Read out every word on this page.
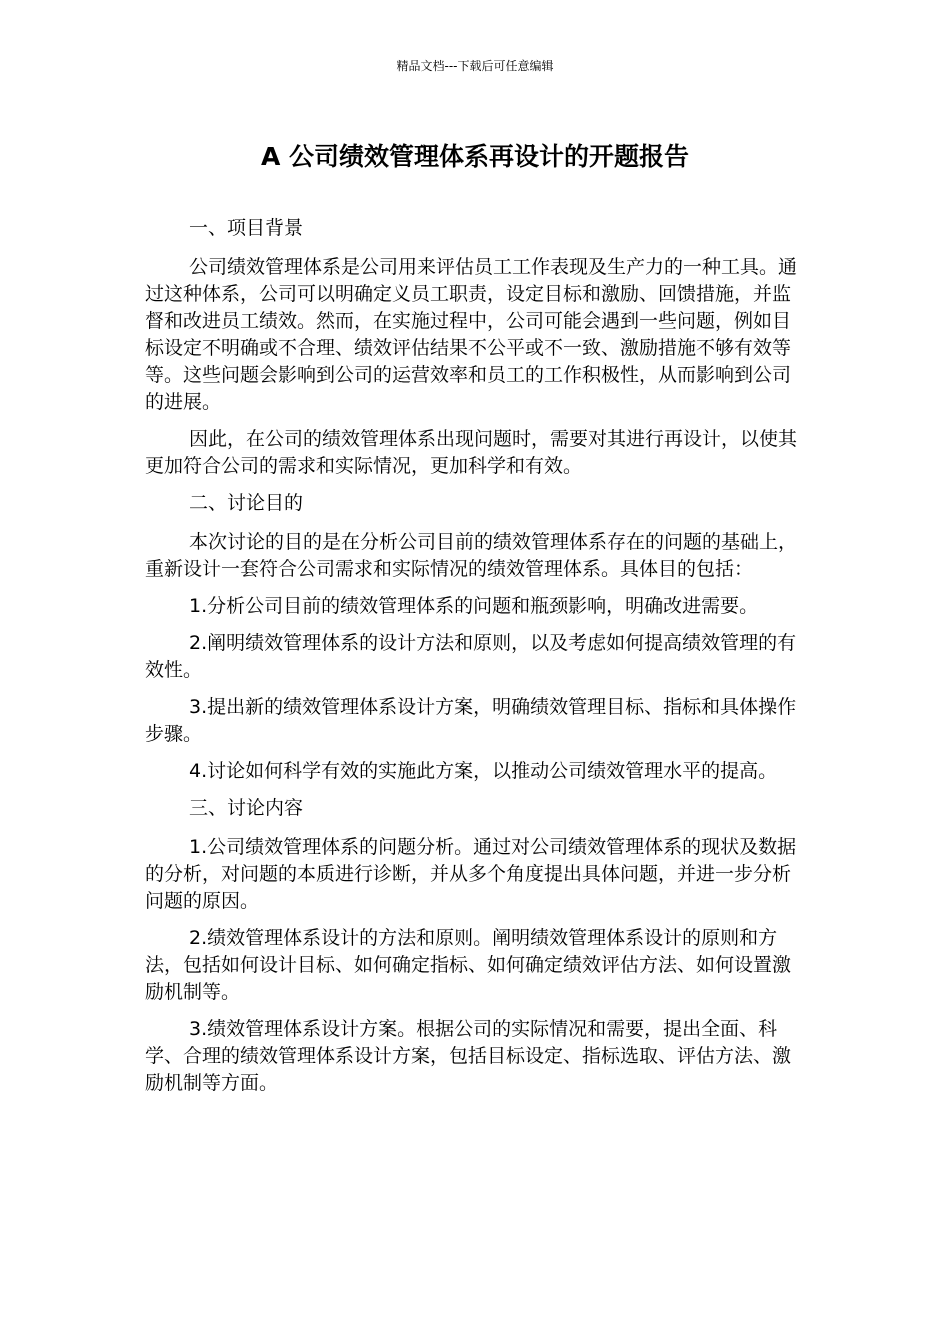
精品文档---下载后可任意编辑
A 公司绩效管理体系再设计的开题报告

一、项目背景

公司绩效管理体系是公司用来评估员工工作表现及生产力的一种工具。通过这种体系，公司可以明确定义员工职责，设定目标和激励、回馈措施，并监督和改进员工绩效。然而，在实施过程中，公司可能会遇到一些问题，例如目标设定不明确或不合理、绩效评估结果不公平或不一致、激励措施不够有效等等。这些问题会影响到公司的运营效率和员工的工作积极性，从而影响到公司的进展。

因此，在公司的绩效管理体系出现问题时，需要对其进行再设计，以使其更加符合公司的需求和实际情况，更加科学和有效。

二、讨论目的

本次讨论的目的是在分析公司目前的绩效管理体系存在的问题的基础上，重新设计一套符合公司需求和实际情况的绩效管理体系。具体目的包括：

1.分析公司目前的绩效管理体系的问题和瓶颈影响，明确改进需要。

2.阐明绩效管理体系的设计方法和原则，以及考虑如何提高绩效管理的有效性。

3.提出新的绩效管理体系设计方案，明确绩效管理目标、指标和具体操作步骤。

4.讨论如何科学有效的实施此方案，以推动公司绩效管理水平的提高。

三、讨论内容

1.公司绩效管理体系的问题分析。通过对公司绩效管理体系的现状及数据的分析，对问题的本质进行诊断，并从多个角度提出具体问题，并进一步分析问题的原因。

2.绩效管理体系设计的方法和原则。阐明绩效管理体系设计的原则和方法，包括如何设计目标、如何确定指标、如何确定绩效评估方法、如何设置激励机制等。

3.绩效管理体系设计方案。根据公司的实际情况和需要，提出全面、科学、合理的绩效管理体系设计方案，包括目标设定、指标选取、评估方法、激励机制等方面。
